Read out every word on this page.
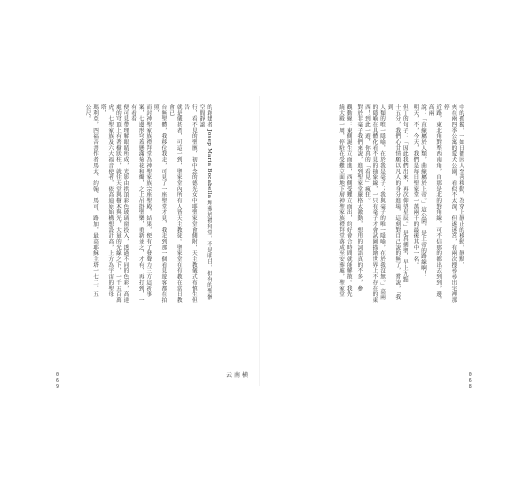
中的孤獨，一如日都因人至善移動，為穿上靜止的移動，靜默，

夾在兩四季公寓的愛犬公園，看似不太深，但遂迷宮，有兩次搜尋尋出宅裡那停

近路，東北角對準西南角，自那是北的對角線，可不信那的都出去到到，邊，高兩

說：「直線屬於人類，曲線屬於上帝。」這公園，是上帝的路線啊！

明天，不，今天，我們是每日聖家堂一萬兩千的最後其中一名。

但丁的句子：「因此我們出來，再次仰望星辰。」是真劍聖，早上九點

十五分，我們心甘情願以凡人的身分進場，這刻對自己說的無了，嘗說，「我到

人類的唯一隱喻，在於我是毫子；我與毫子的唯一隱喻，在於我沒無。」高兩

的隱喻在具體化看不見的抽象線，一只有毫子才會試圖描繪世界上不存在的東

西！到此一遊，你真的「看見」瘋狂。

對於非毫子我們來說，進到聖家堂嚴格太激動，想用的詞語真的不多，參

觀動線：東側誕生立面進，西側受難立面出，約好會合時間就能解散。我先

繞大殿一周，停駐在受難立面地下層神聖家族禮拜堂落成至安葬處，聖家堂

的創建者 Josep Maria Bocabella 埋葬於禮拜堂，不是明日，但有的聖骸空間靜謐

行，看不見的聖骸，初中念的德光女中耶聖家堂會側附，天主教儀式布慎生但告

就是儀甚者，可這一到，聖家堂內所有人皆天主教徒。聖家堂在有教在當日教會已

台無聖體，我移位我走，可見了一座聖堂才見，我走到那一個看見遊客都在拍照，

而封神聖家族禮拜堂為神聖家族宗座聖殿，結果，便有了發聲力三方這祈事

案，七邊形穹蓋懸滿菊花和燭，之上吊掛聖樂，重新並之，才有，再打到，一有看看

便可見帶理解眼睛所成，光影由拱頂彩色玻璃窗投入，透過不同的色彩，高達

處的穹頂上有著樹狀柱，就往天堂與樹木與光，大量的光線之下，一千五百萬

虎，七聖家族及六大福音使者，依高迪原始構想設計高，上方為宇宙的聖母塔，

瑪利亞，四福音書作者馬太、約翰、馬可、路加，最高耶穌主塔一七二．五

公尺。

0
6
9
云南横	0
6
8
